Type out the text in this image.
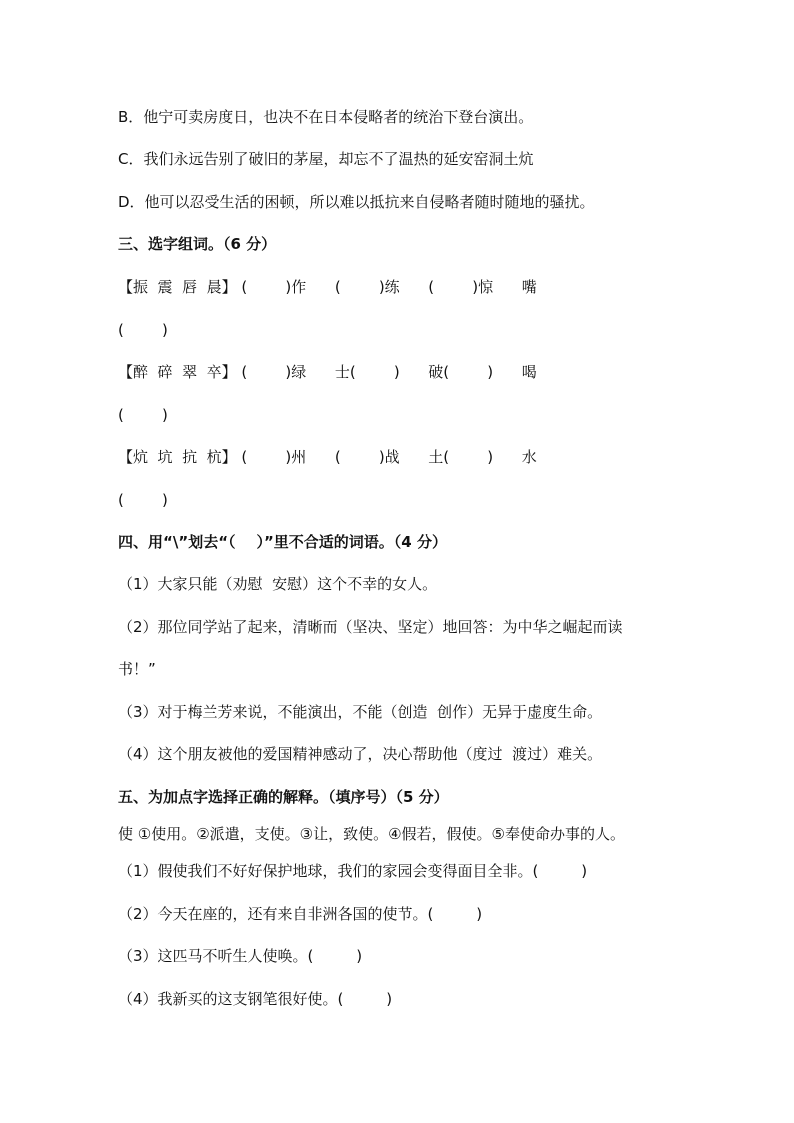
B．他宁可卖房度日，也决不在日本侵略者的统治下登台演出。
C．我们永远告别了破旧的茅屋，却忘不了温热的延安窑洞土炕
D．他可以忍受生活的困顿，所以难以抵抗来自侵略者随时随地的骚扰。
三、选字组词。（6 分）
【振  震  唇  晨】 (        )作      (        )练      (        )惊      嘴
(        )
【醉  碎  翠  卒】 (        )绿      士(        )      破(        )      喝
(        )
【炕  坑  抗  杭】 (        )州      (        )战      土(        )      水
(        )
四、用“\”划去“（    ）”里不合适的词语。（4 分）
（1）大家只能（劝慰  安慰）这个不幸的女人。
（2）那位同学站了起来，清晰而（坚决、坚定）地回答：为中华之崛起而读
书！”
（3）对于梅兰芳来说，不能演出，不能（创造  创作）无异于虚度生命。
（4）这个朋友被他的爱国精神感动了，决心帮助他（度过  渡过）难关。
五、为加点字选择正确的解释。（填序号）（5 分）
使 ①使用。②派遣，支使。③让，致使。④假若，假使。⑤奉使命办事的人。
（1）假使我们不好好保护地球，我们的家园会变得面目全非。(         )
（2）今天在座的，还有来自非洲各国的使节。(         )
（3）这匹马不听生人使唤。(         )
（4）我新买的这支钢笔很好使。(         )
